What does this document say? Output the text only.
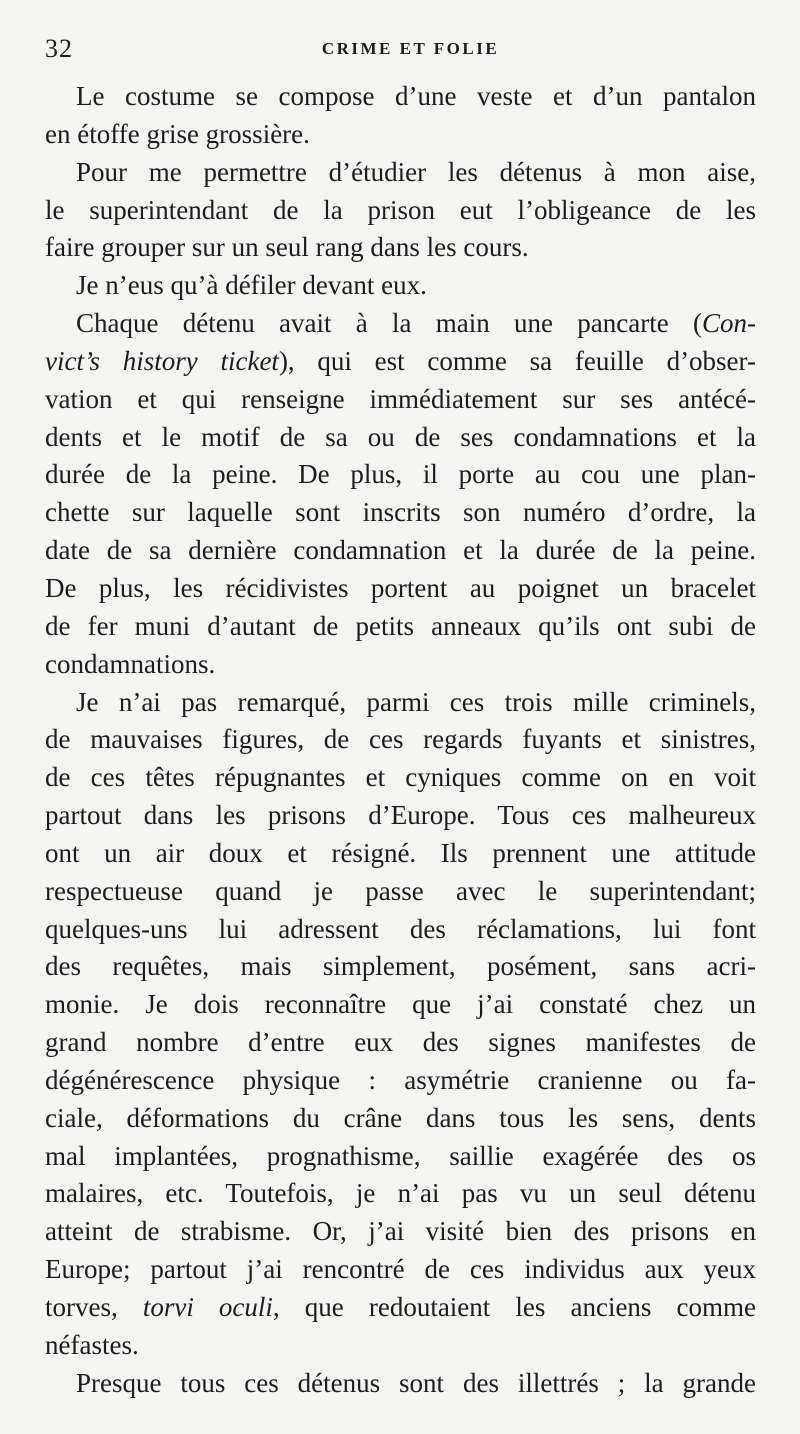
32	CRIME ET FOLIE
Le costume se compose d’une veste et d’un pantalon
en étoffe grise grossière.
Pour me permettre d’étudier les détenus à mon aise,
le superintendant de la prison eut l’obligeance de les
faire grouper sur un seul rang dans les cours.
Je n’eus qu’à défiler devant eux.
Chaque détenu avait à la main une pancarte (Con-
vict’s history ticket), qui est comme sa feuille d’obser-
vation et qui renseigne immédiatement sur ses antécé-
dents et le motif de sa ou de ses condamnations et la
durée de la peine. De plus, il porte au cou une plan-
chette sur laquelle sont inscrits son numéro d’ordre, la
date de sa dernière condamnation et la durée de la peine.
De plus, les récidivistes portent au poignet un bracelet
de fer muni d’autant de petits anneaux qu’ils ont subi de
condamnations.
Je n’ai pas remarqué, parmi ces trois mille criminels,
de mauvaises figures, de ces regards fuyants et sinistres,
de ces têtes répugnantes et cyniques comme on en voit
partout dans les prisons d’Europe. Tous ces malheureux
ont un air doux et résigné. Ils prennent une attitude
respectueuse quand je passe avec le superintendant;
quelques-uns lui adressent des réclamations, lui font
des requêtes, mais simplement, posément, sans acri-
monie. Je dois reconnaître que j’ai constaté chez un
grand nombre d’entre eux des signes manifestes de
dégénérescence physique : asymétrie cranienne ou fa-
ciale, déformations du crâne dans tous les sens, dents
mal implantées, prognathisme, saillie exagérée des os
malaires, etc. Toutefois, je n’ai pas vu un seul détenu
atteint de strabisme. Or, j’ai visité bien des prisons en
Europe; partout j’ai rencontré de ces individus aux yeux
torves, torvi oculi, que redoutaient les anciens comme
néfastes.
Presque tous ces détenus sont des illettrés ; la grande
